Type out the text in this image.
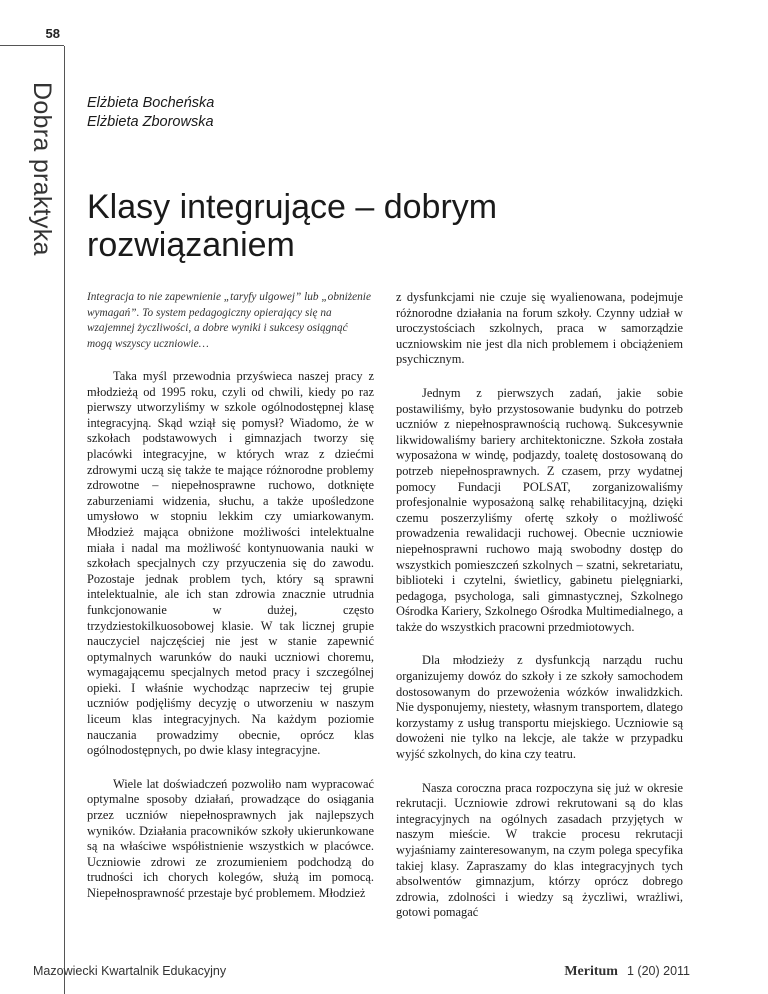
58
Dobra praktyka Elżbieta Bocheńska
Elżbieta Zborowska
Klasy integrujące – dobrym rozwiązaniem

Integracja to nie zapewnienie „taryfy ulgowej” lub „obniżenie wymagań”. To system pedagogiczny opierający się na wzajemnej życzliwości, a dobre wyniki i sukcesy osiągnąć mogą wszyscy uczniowie…

Taka myśl przewodnia przyświeca naszej pracy z młodzieżą od 1995 roku, czyli od chwili, kiedy po raz pierwszy utworzyliśmy w szkole ogólnodostępnej klasę integracyjną. Skąd wziął się pomysł? Wiadomo, że w szkołach podstawowych i gimnazjach tworzy się placówki integracyjne, w których wraz z dziećmi zdrowymi uczą się także te mające różnorodne problemy zdrowotne – niepełnosprawne ruchowo, dotknięte zaburzeniami widzenia, słuchu, a także upośledzone umysłowo w stopniu lekkim czy umiarkowanym. Młodzież mająca obniżone możliwości intelektualne miała i nadal ma możliwość kontynuowania nauki w szkołach specjalnych czy przyuczenia się do zawodu. Pozostaje jednak problem tych, który są sprawni intelektualnie, ale ich stan zdrowia znacznie utrudnia funkcjonowanie w dużej, często trzydziestokilkuosobowej klasie. W tak licznej grupie nauczyciel najczęściej nie jest w stanie zapewnić optymalnych warunków do nauki uczniowi choremu, wymagającemu specjalnych metod pracy i szczególnej opieki. I właśnie wychodząc naprzeciw tej grupie uczniów podjęliśmy decyzję o utworzeniu w naszym liceum klas integracyjnych. Na każdym poziomie nauczania prowadzimy obecnie, oprócz klas ogólnodostępnych, po dwie klasy integracyjne.

Wiele lat doświadczeń pozwoliło nam wypracować optymalne sposoby działań, prowadzące do osiągania przez uczniów niepełnosprawnych jak najlepszych wyników. Działania pracowników szkoły ukierunkowane są na właściwe współistnienie wszystkich w placówce. Uczniowie zdrowi ze zrozumieniem podchodzą do trudności ich chorych kolegów, służą im pomocą. Niepełnosprawność przestaje być problemem. Młodzież

z dysfunkcjami nie czuje się wyalienowana, podejmuje różnorodne działania na forum szkoły. Czynny udział w uroczystościach szkolnych, praca w samorządzie uczniowskim nie jest dla nich problemem i obciążeniem psychicznym.

Jednym z pierwszych zadań, jakie sobie postawiliśmy, było przystosowanie budynku do potrzeb uczniów z niepełnosprawnością ruchową. Sukcesywnie likwidowaliśmy bariery architektoniczne. Szkoła została wyposażona w windę, podjazdy, toaletę dostosowaną do potrzeb niepełnosprawnych. Z czasem, przy wydatnej pomocy Fundacji POLSAT, zorganizowaliśmy profesjonalnie wyposażoną salkę rehabilitacyjną, dzięki czemu poszerzyliśmy ofertę szkoły o możliwość prowadzenia rewalidacji ruchowej. Obecnie uczniowie niepełnosprawni ruchowo mają swobodny dostęp do wszystkich pomieszczeń szkolnych – szatni, sekretariatu, biblioteki i czytelni, świetlicy, gabinetu pielęgniarki, pedagoga, psychologa, sali gimnastycznej, Szkolnego Ośrodka Kariery, Szkolnego Ośrodka Multimedialnego, a także do wszystkich pracowni przedmiotowych.

Dla młodzieży z dysfunkcją narządu ruchu organizujemy dowóz do szkoły i ze szkoły samochodem dostosowanym do przewożenia wózków inwalidzkich. Nie dysponujemy, niestety, własnym transportem, dlatego korzystamy z usług transportu miejskiego. Uczniowie są dowożeni nie tylko na lekcje, ale także w przypadku wyjść szkolnych, do kina czy teatru.

Nasza coroczna praca rozpoczyna się już w okresie rekrutacji. Uczniowie zdrowi rekrutowani są do klas integracyjnych na ogólnych zasadach przyjętych w naszym mieście. W trakcie procesu rekrutacji wyjaśniamy zainteresowanym, na czym polega specyfika takiej klasy. Zapraszamy do klas integracyjnych tych absolwentów gimnazjum, którzy oprócz dobrego zdrowia, zdolności i wiedzy są życzliwi, wrażliwi, gotowi pomagać

Mazowiecki Kwartalnik Edukacyjny	Meritum 1 (20) 2011
